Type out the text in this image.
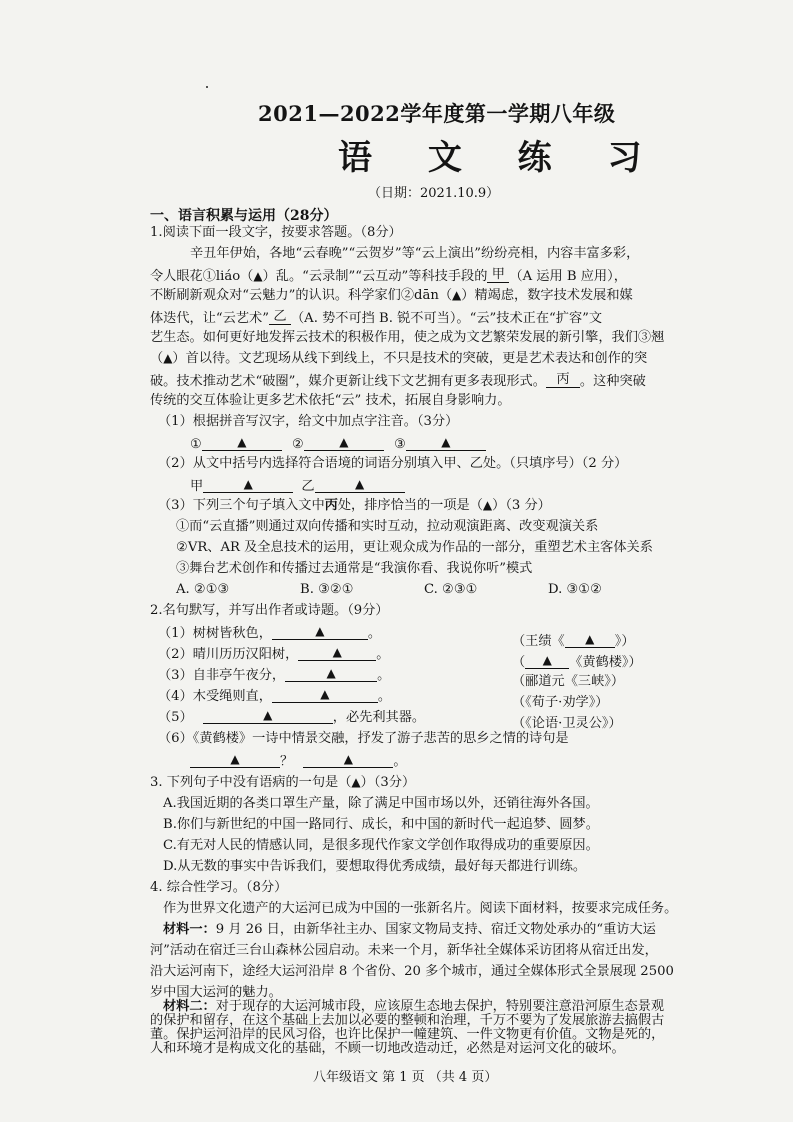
2021—2022学年度第一学期八年级
语 文 练 习
（日期：2021.10.9）
一、语言积累与运用（28分）
1.阅读下面一段文字，按要求答题。（8分）
辛丑年伊始，各地“云春晚”“云贺岁”等“云上演出”纷纷亮相，内容丰富多彩，
令人眼花①liáo（▲）乱。“云录制”“云互动”等科技手段的 甲 （A 运用 B 应用），
不断刷新观众对“云魅力”的认识。科学家们②dān（▲）精竭虑，数字技术发展和媒
体迭代，让“云艺术” 乙 （A. 势不可挡 B. 锐不可当）。“云”技术正在“扩容”文
艺生态。如何更好地发挥云技术的积极作用，使之成为文艺繁荣发展的新引擎，我们③翘
（▲）首以待。文艺现场从线下到线上，不只是技术的突破，更是艺术表达和创作的突
破。技术推动艺术“破圈”，媒介更新让线下文艺拥有更多表现形式。 丙 。这种突破
传统的交互体验让更多艺术依托“云” 技术，拓展自身影响力。
（1）根据拼音写汉字，给文中加点字注音。（3分）
①	▲	②	▲	③	▲
（2）从文中括号内选择符合语境的词语分别填入甲、乙处。（只填序号）（2 分）
甲	▲	乙	▲
（3）下列三个句子填入文中丙处，排序恰当的一项是（▲）（3 分）
①而“云直播”则通过双向传播和实时互动，拉动观演距离、改变观演关系
②VR、AR 及全息技术的运用，更让观众成为作品的一部分，重塑艺术主客体关系
③舞台艺术创作和传播过去通常是“我演你看、我说你听”模式
A. ②①③	B. ③②①	C. ②③①	D. ③①②
2.名句默写，并写出作者或诗题。（9分）
（1）树树皆秋色，	▲	。
（王绩《 ▲ 》）
（2）晴川历历汉阳树，	▲	。
（ ▲ 《黄鹤楼》）
（3）自非亭午夜分，	▲	。	（郦道元《三峡》）
（4）木受绳则直，	▲	。	（《荀子·劝学》）
（5）	▲	，必先利其器。	（《论语·卫灵公》）
（6）《黄鹤楼》一诗中情景交融，抒发了游子悲苦的思乡之情的诗句是
▲	？	▲	。
3. 下列句子中没有语病的一句是（▲）（3分）
A.我国近期的各类口罩生产量，除了满足中国市场以外，还销往海外各国。
B.你们与新世纪的中国一路同行、成长，和中国的新时代一起追梦、圆梦。
C.有无对人民的情感认同，是很多现代作家文学创作取得成功的重要原因。
D.从无数的事实中告诉我们，要想取得优秀成绩，最好每天都进行训练。
4. 综合性学习。（8分）
作为世界文化遗产的大运河已成为中国的一张新名片。阅读下面材料，按要求完成任务。
材料一：9 月 26 日，由新华社主办、国家文物局支持、宿迁文物处承办的“重访大运
河”活动在宿迁三台山森林公园启动。未来一个月，新华社全媒体采访团将从宿迁出发，
沿大运河南下，途经大运河沿岸 8 个省份、20 多个城市，通过全媒体形式全景展现 2500
岁中国大运河的魅力。
材料二：对于现存的大运河城市段，应该原生态地去保护，特别要注意沿河原生态景观
的保护和留存，在这个基础上去加以必要的整顿和治理，千万不要为了发展旅游去搞假古
董。保护运河沿岸的民风习俗，也许比保护一幢建筑、一件文物更有价值。文物是死的，
人和环境才是构成文化的基础，不顾一切地改造动迁，必然是对运河文化的破坏。
八年级语文 第 1 页 （共 4 页）
